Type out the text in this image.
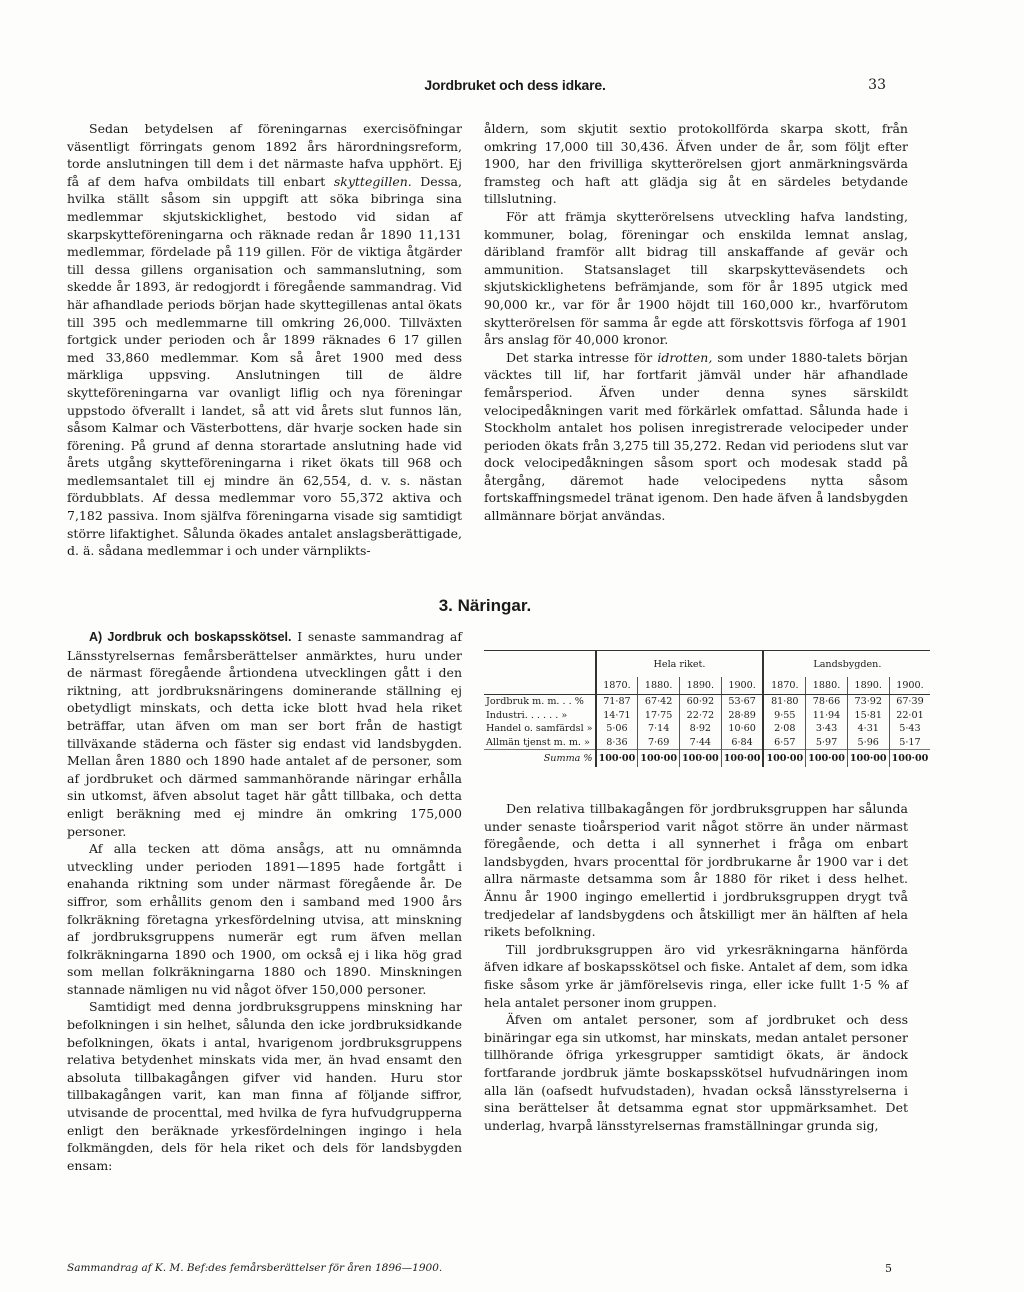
Jordbruket och dess idkare.	33

Sedan betydelsen af föreningarnas exercisöfningar väsentligt förringats genom 1892 års härordningsreform, torde anslutningen till dem i det närmaste hafva upphört. Ej få af dem hafva ombildats till enbart skyttegillen. Dessa, hvilka ställt såsom sin uppgift att söka bibringa sina medlemmar skjutskicklighet, bestodo vid sidan af skarpskytteföreningarna och räknade redan år 1890 11,131 medlemmar, fördelade på 119 gillen. För de viktiga åtgärder till dessa gillens organisation och sammanslutning, som skedde år 1893, är redogjordt i föregående sammandrag. Vid här afhandlade periods början hade skyttegillenas antal ökats till 395 och medlemmarne till omkring 26,000. Tillväxten fortgick under perioden och år 1899 räknades 6 17 gillen med 33,860 medlemmar. Kom så året 1900 med dess märkliga uppsving. Anslutningen till de äldre skytteföreningarna var ovanligt liflig och nya föreningar uppstodo öfverallt i landet, så att vid årets slut funnos län, såsom Kalmar och Västerbottens, där hvarje socken hade sin förening. På grund af denna storartade anslutning hade vid årets utgång skytteföreningarna i riket ökats till 968 och medlemsantalet till ej mindre än 62,554, d. v. s. nästan fördubblats. Af dessa medlemmar voro 55,372 aktiva och 7,182 passiva. Inom själfva föreningarna visade sig samtidigt större lifaktighet. Sålunda ökades antalet anslagsberättigade, d. ä. sådana medlemmar i och under värnplikts-

åldern, som skjutit sextio protokollförda skarpa skott, från omkring 17,000 till 30,436. Äfven under de år, som följt efter 1900, har den frivilliga skytterörelsen gjort anmärkningsvärda framsteg och haft att glädja sig åt en särdeles betydande tillslutning.

För att främja skytterörelsens utveckling hafva landsting, kommuner, bolag, föreningar och enskilda lemnat anslag, däribland framför allt bidrag till anskaffande af gevär och ammunition. Statsanslaget till skarpskytteväsendets och skjutskicklighetens befrämjande, som för år 1895 utgick med 90,000 kr., var för år 1900 höjdt till 160,000 kr., hvarförutom skytterörelsen för samma år egde att förskottsvis förfoga af 1901 års anslag för 40,000 kronor.

Det starka intresse för idrotten, som under 1880-talets början väcktes till lif, har fortfarit jämväl under här afhandlade femårsperiod. Äfven under denna synes särskildt velocipedåkningen varit med förkärlek omfattad. Sålunda hade i Stockholm antalet hos polisen inregistrerade velocipeder under perioden ökats från 3,275 till 35,272. Redan vid periodens slut var dock velocipedåkningen såsom sport och modesak stadd på återgång, däremot hade velocipedens nytta såsom fortskaffningsmedel tränat igenom. Den hade äfven å landsbygden allmännare börjat användas.

3. Näringar.

A) Jordbruk och boskapsskötsel. I senaste sammandrag af Länsstyrelsernas femårsberättelser anmärktes, huru under de närmast föregående årtiondena utvecklingen gått i den riktning, att jordbruksnäringens dominerande ställning ej obetydligt minskats, och detta icke blott hvad hela riket beträffar, utan äfven om man ser bort från de hastigt tillväxande städerna och fäster sig endast vid landsbygden. Mellan åren 1880 och 1890 hade antalet af de personer, som af jordbruket och därmed sammanhörande näringar erhålla sin utkomst, äfven absolut taget här gått tillbaka, och detta enligt beräkning med ej mindre än omkring 175,000 personer.

Af alla tecken att döma ansågs, att nu omnämnda utveckling under perioden 1891—1895 hade fortgått i enahanda riktning som under närmast föregående år. De siffror, som erhållits genom den i samband med 1900 års folkräkning företagna yrkesfördelning utvisa, att minskning af jordbruksgruppens numerär egt rum äfven mellan folkräkningarna 1890 och 1900, om också ej i lika hög grad som mellan folkräkningarna 1880 och 1890. Minskningen stannade nämligen nu vid något öfver 150,000 personer.

Samtidigt med denna jordbruksgruppens minskning har befolkningen i sin helhet, sålunda den icke jordbruksidkande befolkningen, ökats i antal, hvarigenom jordbruksgruppens relativa betydenhet minskats vida mer, än hvad ensamt den absoluta tillbakagången gifver vid handen. Huru stor tillbakagången varit, kan man finna af följande siffror, utvisande de procenttal, med hvilka de fyra hufvudgrupperna enligt den beräknade yrkesfördelningen ingingo i hela folkmängden, dels för hela riket och dels för landsbygden ensam:

	Hela riket.				Landsbygden.			
	1870.	1880.	1890.	1900.	1870.	1880.	1890.	1900.
Jordbruk m. m. . . %	71·87	67·42	60·92	53·67	81·80	78·66	73·92	67·39
Industri. . . . . . »	14·71	17·75	22·72	28·89	9·55	11·94	15·81	22·01
Handel o. samfärdsl »	5·06	7·14	8·92	10·60	2·08	3·43	4·31	5·43
Allmän tjenst m. m. »	8·36	7·69	7·44	6·84	6·57	5·97	5·96	5·17
Summa %	100·00	100·00	100·00	100·00	100·00	100·00	100·00	100·00

Den relativa tillbakagången för jordbruksgruppen har sålunda under senaste tioårsperiod varit något större än under närmast föregående, och detta i all synnerhet i fråga om enbart landsbygden, hvars procenttal för jordbrukarne år 1900 var i det allra närmaste detsamma som år 1880 för riket i dess helhet. Ännu år 1900 ingingo emellertid i jordbruksgruppen drygt två tredjedelar af landsbygdens och åtskilligt mer än hälften af hela rikets befolkning.

Till jordbruksgruppen äro vid yrkesräkningarna hänförda äfven idkare af boskapsskötsel och fiske. Antalet af dem, som idka fiske såsom yrke är jämförelsevis ringa, eller icke fullt 1·5 % af hela antalet personer inom gruppen.

Äfven om antalet personer, som af jordbruket och dess binäringar ega sin utkomst, har minskats, medan antalet personer tillhörande öfriga yrkesgrupper samtidigt ökats, är ändock fortfarande jordbruk jämte boskapsskötsel hufvudnäringen inom alla län (oafsedt hufvudstaden), hvadan också länsstyrelserna i sina berättelser åt detsamma egnat stor uppmärksamhet. Det underlag, hvarpå länsstyrelsernas framställningar grunda sig,

Sammandrag af K. M. Bef:des femårsberättelser för åren 1896—1900.	5
